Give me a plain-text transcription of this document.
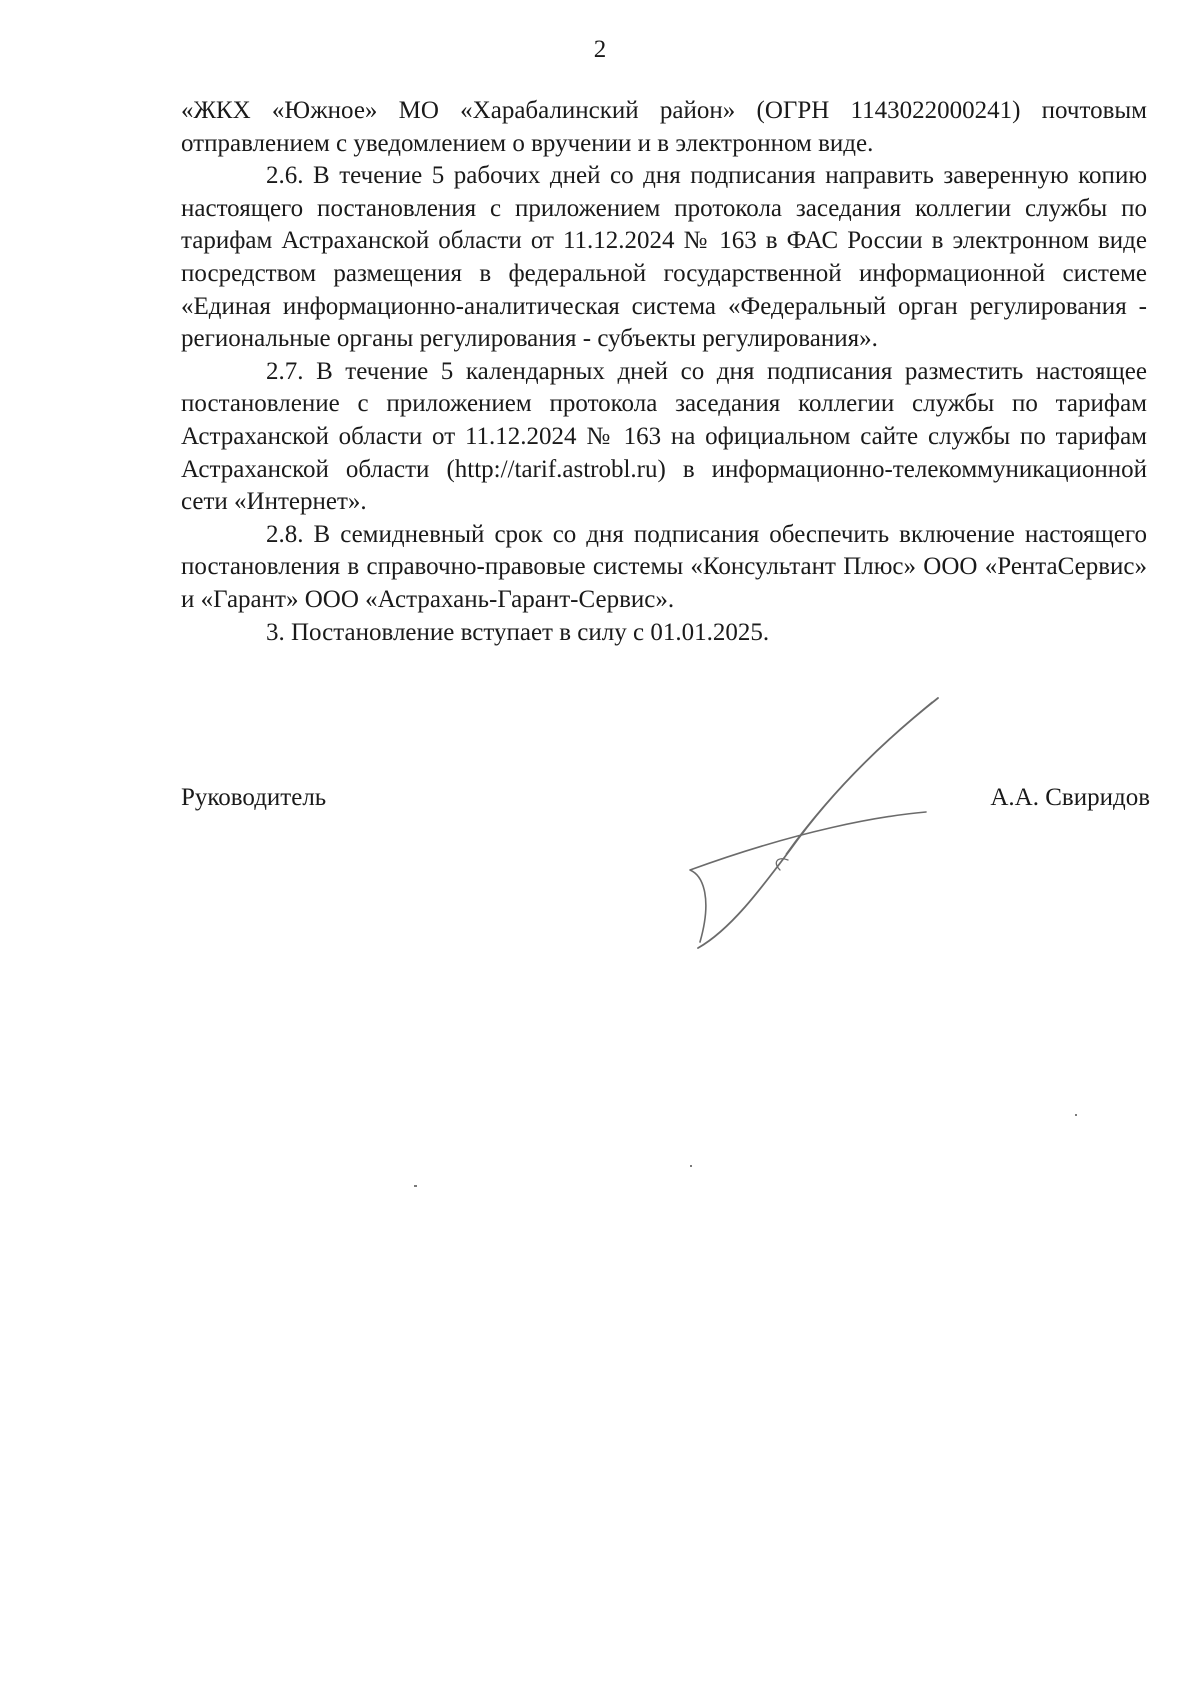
2

«ЖКХ «Южное» МО «Харабалинский район» (ОГРН 1143022000241) почтовым отправлением с уведомлением о вручении и в электронном виде.

2.6. В течение 5 рабочих дней со дня подписания направить заверенную копию настоящего постановления с приложением протокола заседания коллегии службы по тарифам Астраханской области от 11.12.2024 № 163 в ФАС России в электронном виде посредством размещения в федеральной государственной информационной системе «Единая информационно-аналитическая система «Федеральный орган регулирования - региональные органы регулирования - субъекты регулирования».

2.7. В течение 5 календарных дней со дня подписания разместить настоящее постановление с приложением протокола заседания коллегии службы по тарифам Астраханской области от 11.12.2024 № 163 на официальном сайте службы по тарифам Астраханской области (http://tarif.astrobl.ru) в информационно-телекоммуникационной сети «Интернет».

2.8. В семидневный срок со дня подписания обеспечить включение настоящего постановления в справочно-правовые системы «Консультант Плюс» ООО «РентаСервис» и «Гарант» ООО «Астрахань-Гарант-Сервис».

3. Постановление вступает в силу с 01.01.2025.

Руководитель	А.А. Свиридов
